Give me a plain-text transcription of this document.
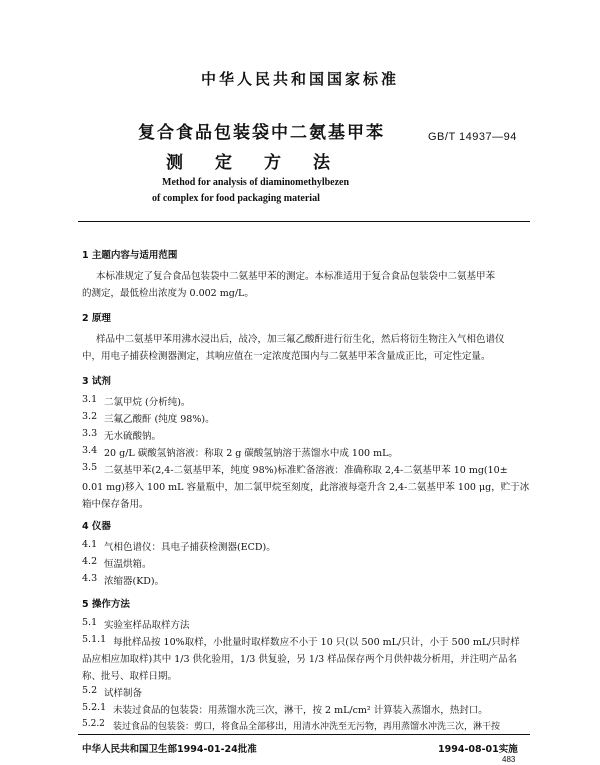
中华人民共和国国家标准
复合食品包装袋中二氨基甲苯
测定方法
GB/T 14937—94
Method for analysis of diaminomethylbezen
of complex for food packaging material
1 主题内容与适用范围
本标准规定了复合食品包装袋中二氨基甲苯的测定。本标准适用于复合食品包装袋中二氨基甲苯
的测定，最低检出浓度为 0.002 mg/L。
2 原理
样品中二氨基甲苯用沸水浸出后，敁冷，加三氟乙酸酐进行衍生化，然后将衍生物注入气相色谱仪
中，用电子捕获检测器测定，其响应值在一定浓度范围内与二氨基甲苯含量成正比，可定性定量。
3 试剂
3.1 二氯甲烷 (分析纯)。
3.2 三氟乙酸酐 (纯度 98%)。
3.3 无水硫酸钠。
3.4 20 g/L 碳酸氢钠溶液：称取 2 g 碳酸氢钠溶于蒸馏水中成 100 mL。
3.5 二氨基甲苯(2,4-二氨基甲苯，纯度 98%)标准贮备溶液：准确称取 2,4-二氨基甲苯 10 mg(10±
0.01 mg)移入 100 mL 容量瓶中，加二氯甲烷至刻度，此溶液每毫升含 2,4-二氨基甲苯 100 μg，贮于冰
箱中保存备用。
4 仪器
4.1 气相色谱仪：具电子捕获检测器(ECD)。
4.2 恒温烘箱。
4.3 浓缩器(KD)。
5 操作方法
5.1 实验室样品取样方法
5.1.1 每批样品按 10%取样，小批量时取样数应不小于 10 只(以 500 mL/只计，小于 500 mL/只时样
品应相应加取样)其中 1/3 供化验用，1/3 供复验，另 1/3 样品保存两个月供仲裁分析用，并注明产品名
称、批号、取样日期。
5.2 试样制备
5.2.1 未装过食品的包装袋：用蒸馏水洗三次，淋干，按 2 mL/cm² 计算装入蒸馏水，热封口。
5.2.2 装过食品的包装袋：剪口，将食品全部移出，用清水冲洗至无污物，再用蒸馏水冲洗三次，淋干按
中华人民共和国卫生部1994-01-24批准	1994-08-01实施
483
